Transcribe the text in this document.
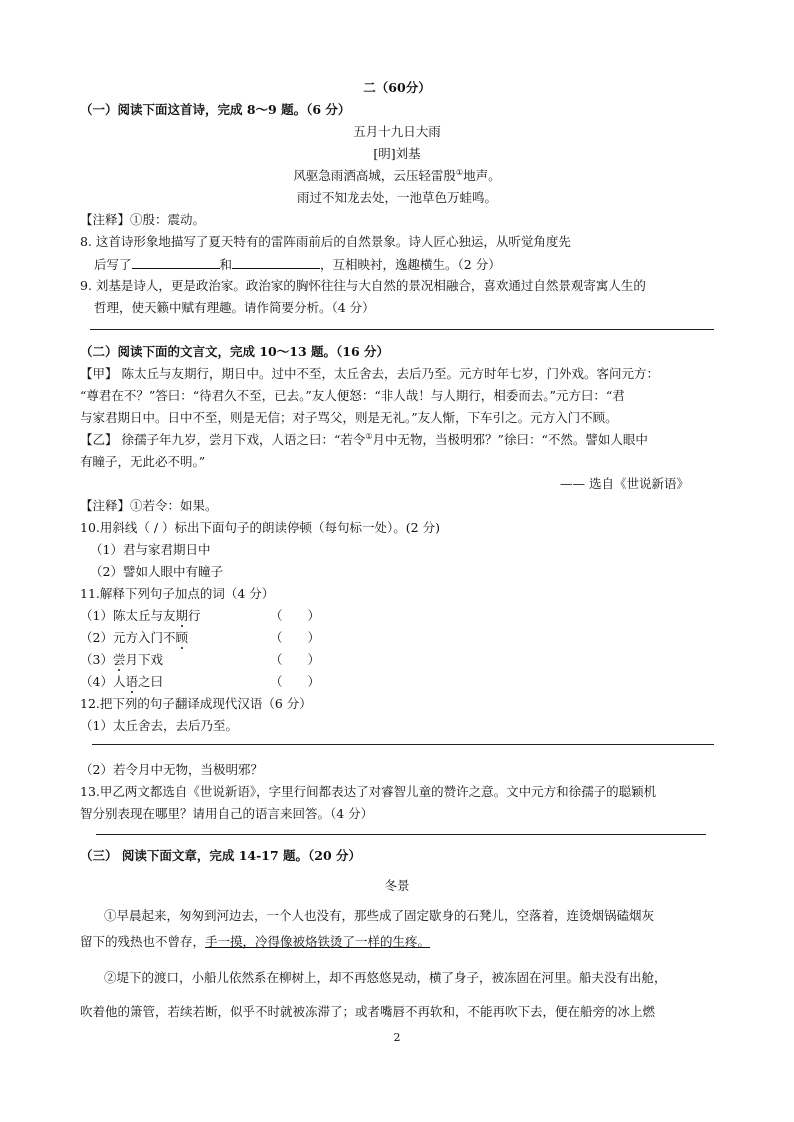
二（60分）
（一）阅读下面这首诗，完成 8～9 题。（6 分）
五月十九日大雨
[明]刘基
风驱急雨洒高城，云压轻雷殷①地声。
雨过不知龙去处，一池草色万蛙鸣。
【注释】①殷：震动。
8. 这首诗形象地描写了夏天特有的雷阵雨前后的自然景象。诗人匠心独运，从听觉角度先
后写了	和	，互相映衬，逸趣横生。（2 分）
9. 刘基是诗人，更是政治家。政治家的胸怀往往与大自然的景况相融合，喜欢通过自然景观寄寓人生的
哲理，使天籁中赋有理趣。请作简要分析。（4 分）
（二）阅读下面的文言文，完成 10～13 题。（16 分）
【甲】 陈太丘与友期行，期日中。过中不至，太丘舍去，去后乃至。元方时年七岁，门外戏。客问元方：
“尊君在不？”答曰：“待君久不至，已去。”友人便怒：“非人哉！与人期行，相委而去。”元方曰：“君
与家君期日中。日中不至，则是无信；对子骂父，则是无礼。”友人惭，下车引之。元方入门不顾。
【乙】 徐孺子年九岁，尝月下戏，人语之曰：“若令①月中无物，当极明邪？”徐曰：“不然。譬如人眼中
有瞳子，无此必不明。”
—— 选自《世说新语》
【注释】①若令：如果。
10.用斜线（ / ）标出下面句子的朗读停顿（每句标一处）。(2 分)
（1）君与家君期日中
（2）譬如人眼中有瞳子
11.解释下列句子加点的词（4 分）
（1）陈太丘与友期行	（　　）
（2）元方入门不顾	（　　）
（3）尝月下戏	（　　）
（4）人语之曰	（　　）
12.把下列的句子翻译成现代汉语（6 分）
（1）太丘舍去，去后乃至。
（2）若令月中无物，当极明邪？
13.甲乙两文都选自《世说新语》，字里行间都表达了对睿智儿童的赞许之意。文中元方和徐孺子的聪颖机
智分别表现在哪里？请用自己的语言来回答。（4 分）
（三） 阅读下面文章，完成 14-17 题。（20 分）
冬景
①早晨起来，匆匆到河边去，一个人也没有，那些成了固定歇身的石凳儿，空落着，连烫烟锅磕烟灰
留下的残热也不曾存，手一摸，冷得像被烙铁烫了一样的生疼。
②堤下的渡口，小船儿依然系在柳树上，却不再悠悠晃动，横了身子，被冻固在河里。船夫没有出舱，
吹着他的箫管，若续若断，似乎不时就被冻滞了；或者嘴唇不再软和，不能再吹下去，便在船旁的冰上燃
2
